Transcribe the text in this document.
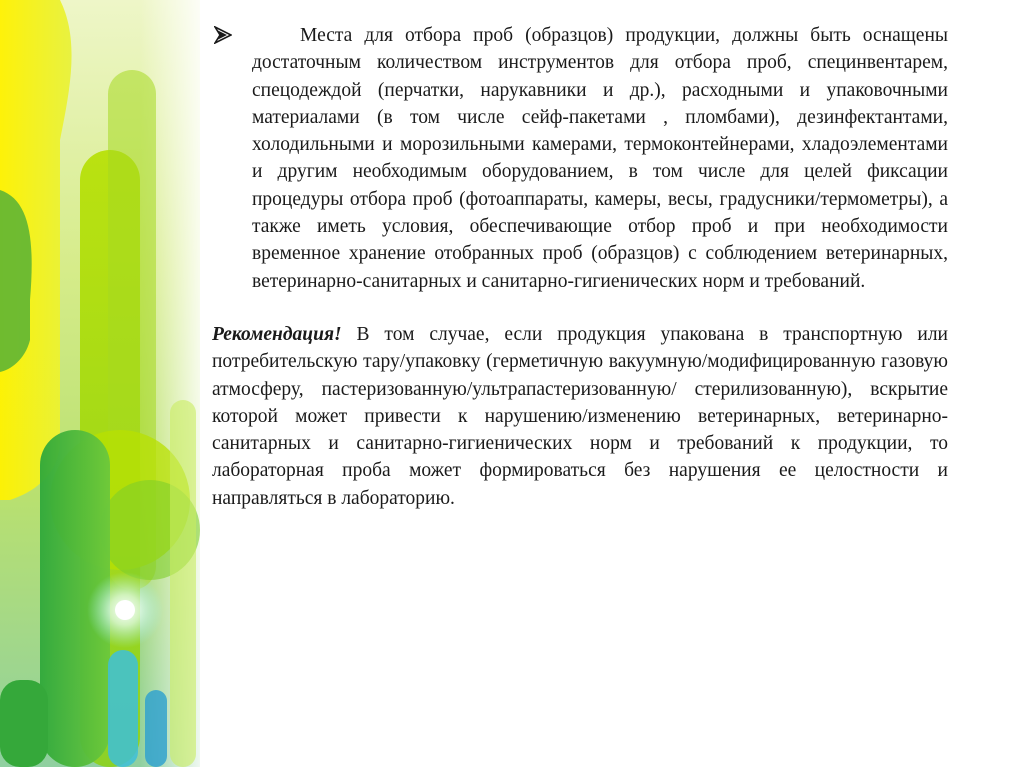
Места для отбора проб (образцов) продукции, должны быть оснащены достаточным количеством инструментов для отбора проб, специнвентарем, спецодеждой (перчатки, нарукавники и др.), расходными и упаковочными материалами (в том числе сейф-пакетами , пломбами), дезинфектантами, холодильными и морозильными камерами, термоконтейнерами, хладоэлементами и другим необходимым оборудованием, в том числе для целей фиксации процедуры отбора проб (фотоаппараты, камеры, весы, градусники/термометры), а также иметь условия, обеспечивающие отбор проб и при необходимости временное хранение отобранных проб (образцов) с соблюдением ветеринарных, ветеринарно-санитарных и санитарно-гигиенических норм и требований.

Рекомендация! В том случае, если продукция упакована в транспортную или потребительскую тару/упаковку (герметичную вакуумную/модифицированную газовую атмосферу, пастеризованную/ультрапастеризованную/ стерилизованную), вскрытие которой может привести к нарушению/изменению ветеринарных, ветеринарно-санитарных и санитарно-гигиенических норм и требований к продукции, то лабораторная проба может формироваться без нарушения ее целостности и направляться в лабораторию.
